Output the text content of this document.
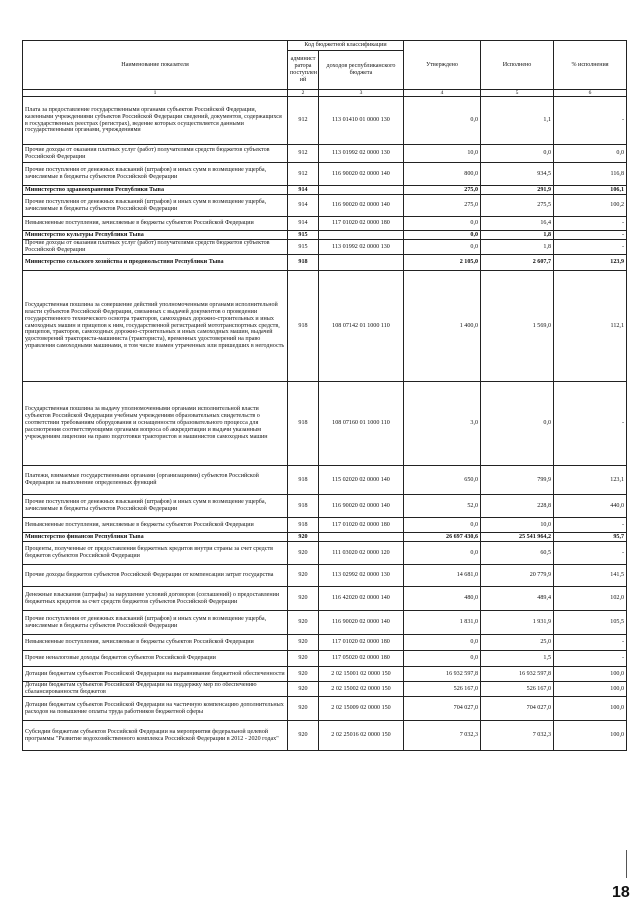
Наименование показателя	Код бюджетной классификации		Утверждено	Исполнено	% исполнения
	админист ратора поступлен ий	доходов республиканского бюджета			
1	2	3	4	5	6
Плата за предоставление государственными органами субъектов Российской Федерации, казенными учреждениями субъектов Российской Федерации сведений, документов, содержащихся в государственных реестрах (регистрах), ведение которых осуществляется данными государственными органами, учреждениями	912	113 01410 01 0000 130	0,0	1,1	-
Прочие доходы от оказания платных услуг (работ) получателями средств бюджетов субъектов Российской Федерации	912	113 01992 02 0000 130	10,0	0,0	0,0
Прочие поступления от денежных взысканий (штрафов) и иных сумм в возмещение ущерба, зачисляемые в бюджеты субъектов Российской Федерации	912	116 90020 02 0000 140	800,0	934,5	116,8
Министерство здравоохранения Республики Тыва	914		275,0	291,9	106,1
Прочие поступления от денежных взысканий (штрафов) и иных сумм в возмещение ущерба, зачисляемые в бюджеты субъектов Российской Федерации	914	116 90020 02 0000 140	275,0	275,5	100,2
Невыясненные поступления, зачисляемые в бюджеты субъектов Российской Федерации	914	117 01020 02 0000 180	0,0	16,4	-
Министерство культуры Республики Тыва	915		0,0	1,8	-
Прочие доходы от оказания платных услуг (работ) получателями средств бюджетов субъектов Российской Федерации	915	113 01992 02 0000 130	0,0	1,8	-
Министерство сельского хозяйства и продовольствия Республики Тыва	918		2 105,0	2 607,7	123,9
Государственная пошлина за совершение действий уполномоченными органами исполнительной власти субъектов Российской Федерации, связанных с выдачей документов о проведении государственного технического осмотра тракторов, самоходных дорожно-строительных и иных самоходных машин и прицепов к ним, государственной регистрацией мототранспортных средств, прицепов, тракторов, самоходных дорожно-строительных и иных самоходных машин, выдачей удостоверений тракториста-машиниста (тракториста), временных удостоверений на право управления самоходными машинами, в том числе взамен утраченных или пришедших в негодность	918	108 07142 01 1000 110	1 400,0	1 569,0	112,1
Государственная пошлина за выдачу уполномоченными органами исполнительной власти субъектов Российской Федерации учебным учреждениям образовательных свидетельств о соответствии требованиям оборудования и оснащенности образовательного процесса для рассмотрения соответствующими органами вопроса об аккредитации и выдачи указанным учреждениям лицензии на право подготовки трактористов и машинистов самоходных машин	918	108 07160 01 1000 110	3,0	0,0	-
Платежи, взимаемые государственными органами (организациями) субъектов Российской Федерации за выполнение определенных функций	918	115 02020 02 0000 140	650,0	799,9	123,1
Прочие поступления от денежных взысканий (штрафов) и иных сумм в возмещение ущерба, зачисляемые в бюджеты субъектов Российской Федерации	918	116 90020 02 0000 140	52,0	228,8	440,0
Невыясненные поступления, зачисляемые в бюджеты субъектов Российской Федерации	918	117 01020 02 0000 180	0,0	10,0	-
Министерство финансов Республики Тыва	920		26 697 430,6	25 541 964,2	95,7
Проценты, полученные от предоставления бюджетных кредитов внутри страны за счет средств бюджетов субъектов Российской Федерации	920	111 03020 02 0000 120	0,0	60,5	-
Прочие доходы бюджетов субъектов Российской Федерации от компенсации затрат государства	920	113 02992 02 0000 130	14 681,0	20 779,9	141,5
Денежные взыскания (штрафы) за нарушение условий договоров (соглашений) о предоставлении бюджетных кредитов за счет средств бюджетов субъектов Российской Федерации	920	116 42020 02 0000 140	480,0	489,4	102,0
Прочие поступления от денежных взысканий (штрафов) и иных сумм в возмещение ущерба, зачисляемые в бюджеты субъектов Российской Федерации	920	116 90020 02 0000 140	1 831,0	1 931,9	105,5
Невыясненные поступления, зачисляемые в бюджеты субъектов Российской Федерации	920	117 01020 02 0000 180	0,0	25,0	-
Прочие неналоговые доходы бюджетов субъектов Российской Федерации	920	117 05020 02 0000 180	0,0	1,5	-
Дотации бюджетам субъектов Российской Федерации на выравнивание бюджетной обеспеченности	920	2 02 15001 02 0000 150	16 932 597,8	16 932 597,8	100,0
Дотации бюджетам субъектов Российской Федерации на поддержку мер по обеспечению сбалансированности бюджетов	920	2 02 15002 02 0000 150	526 167,0	526 167,0	100,0
Дотации бюджетам субъектов Российской Федерации на частичную компенсацию дополнительных расходов на повышение оплаты труда работников бюджетной сферы	920	2 02 15009 02 0000 150	704 027,0	704 027,0	100,0
Субсидии бюджетам субъектов Российской Федерации на мероприятия федеральной целевой программы "Развитие водохозяйственного комплекса Российской Федерации в 2012 - 2020 годах"	920	2 02 25016 02 0000 150	7 032,3	7 032,3	100,0
18
